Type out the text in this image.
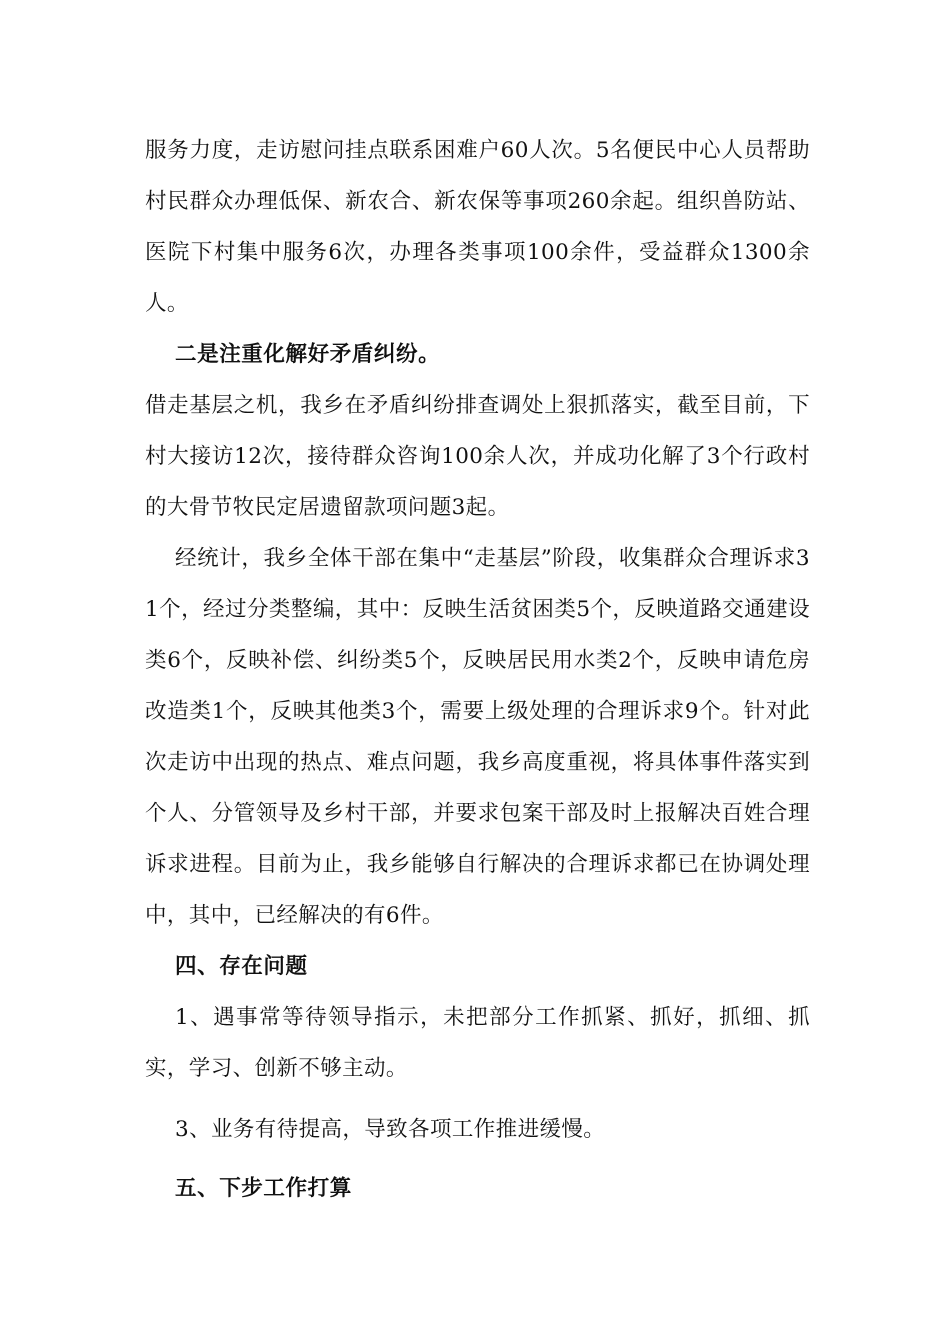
服务力度，走访慰问挂点联系困难户60人次。5名便民中心人员帮助村民群众办理低保、新农合、新农保等事项260余起。组织兽防站、医院下村集中服务6次，办理各类事项100余件，受益群众1300余人。

二是注重化解好矛盾纠纷。

借走基层之机，我乡在矛盾纠纷排查调处上狠抓落实，截至目前，下村大接访12次，接待群众咨询100余人次，并成功化解了3个行政村的大骨节牧民定居遗留款项问题3起。

经统计，我乡全体干部在集中“走基层”阶段，收集群众合理诉求31个，经过分类整编，其中：反映生活贫困类5个，反映道路交通建设类6个，反映补偿、纠纷类5个，反映居民用水类2个，反映申请危房改造类1个，反映其他类3个，需要上级处理的合理诉求9个。针对此次走访中出现的热点、难点问题，我乡高度重视，将具体事件落实到个人、分管领导及乡村干部，并要求包案干部及时上报解决百姓合理诉求进程。目前为止，我乡能够自行解决的合理诉求都已在协调处理中，其中，已经解决的有6件。

四、存在问题

1、遇事常等待领导指示，未把部分工作抓紧、抓好，抓细、抓实，学习、创新不够主动。

3、业务有待提高，导致各项工作推进缓慢。

五、下步工作打算
